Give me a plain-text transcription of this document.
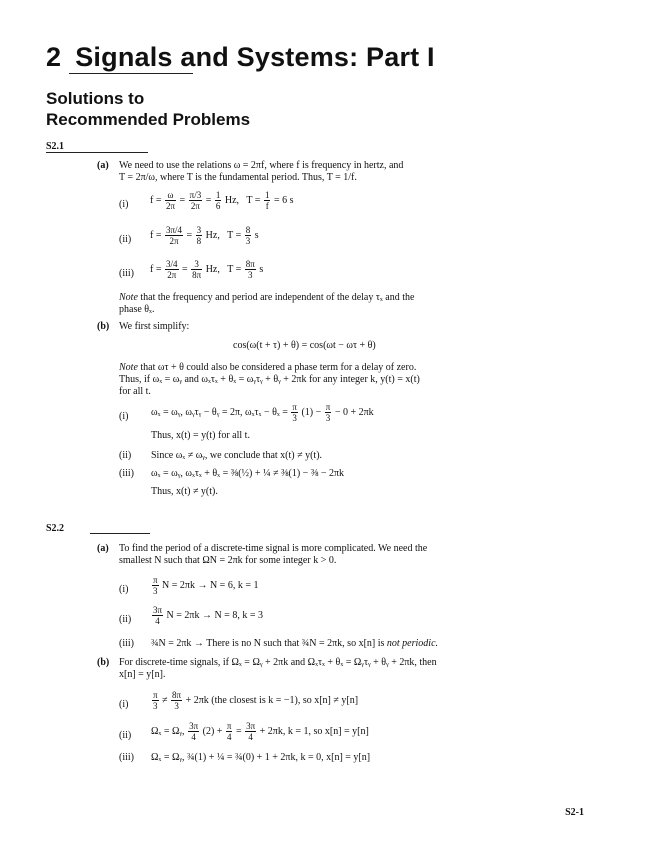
2 Signals and Systems: Part I
Solutions to
Recommended Problems
S2.1
(a) We need to use the relations ω = 2πf, where f is frequency in hertz, and
T = 2π/ω, where T is the fundamental period. Thus, T = 1/f.
(i) $f = \frac{\omega}{2\pi} = \frac{\pi/3}{2\pi} = \frac{1}{6} Hz$, $T = \frac{1}{f} = 6$ s
(ii) $f = \frac{3\pi/4}{2\pi} = \frac{3}{8} Hz$, $T = \frac{8}{3}$ s
(iii) $f = \frac{3/4}{2\pi} = \frac{3}{8\pi} Hz$, $T = \frac{8\pi}{3}$ s
Note that the frequency and period are independent of the delay τₓ and the
phase θₓ.
(b) We first simplify:
cos(ω(t + τ) + θ) = cos(ωt − ωτ + θ)
Note that ωτ + θ could also be considered a phase term for a delay of zero.
Thus, if ωₓ = ωᵧ and ωₓτₓ + θₓ = ωᵧτᵧ + θᵧ + 2πk for any integer k, y(t) = x(t)
for all t.
(i) ωₓ = ωᵧ, ωᵧτᵧ − θᵧ = 2π, $\omega_x\tau_x - \theta_x = \frac{\pi}{3} (1) - \frac{\pi}{3} - 0 + 2\pi k$
Thus, x(t) = y(t) for all t.
(ii) Since ωₓ ≠ ωᵧ, we conclude that x(t) ≠ y(t).
(iii) ωₓ = ωᵧ, ωₓτₓ + θₓ = ⅜(½) + ¼ ≠ ⅜(1) − ⅜ − 2πk
Thus, x(t) ≠ y(t).
S2.2
(a) To find the period of a discrete-time signal is more complicated. We need the
smallest N such that ΩN = 2πk for some integer k > 0.
(i)	$\frac{\pi}{3}$ N = 2πk → N = 6, k = 1
$(ii) \frac{3\pi}{4}$ N = 2πk → N = 8, k = 3
(iii) ¾N = 2πk → There is no N such that ¾N = 2πk, so x[n] is not periodic.
(b) For discrete-time signals, if Ωₓ = Ωᵧ + 2πk and Ωₓτₓ + θₓ = Ωᵧτᵧ + θᵧ + 2πk, then
x[n] = y[n].
(i)	$\frac{\pi}{3} \ne \frac{8\pi}{3} + 2\pi k$ (the closest is k = −1), so x[n] ≠ y[n]
(ii) Ωₓ = Ωᵧ, $\frac{3\pi}{4} (2) + \frac{\pi}{4} = \frac{3\pi}{4} + 2\pi k$, k = 1, so x[n] = y[n]
(iii) Ωₓ = Ωᵧ, ¾(1) + ¼ = ¾(0) + 1 + 2πk, k = 0, x[n] = y[n]
S2-1
